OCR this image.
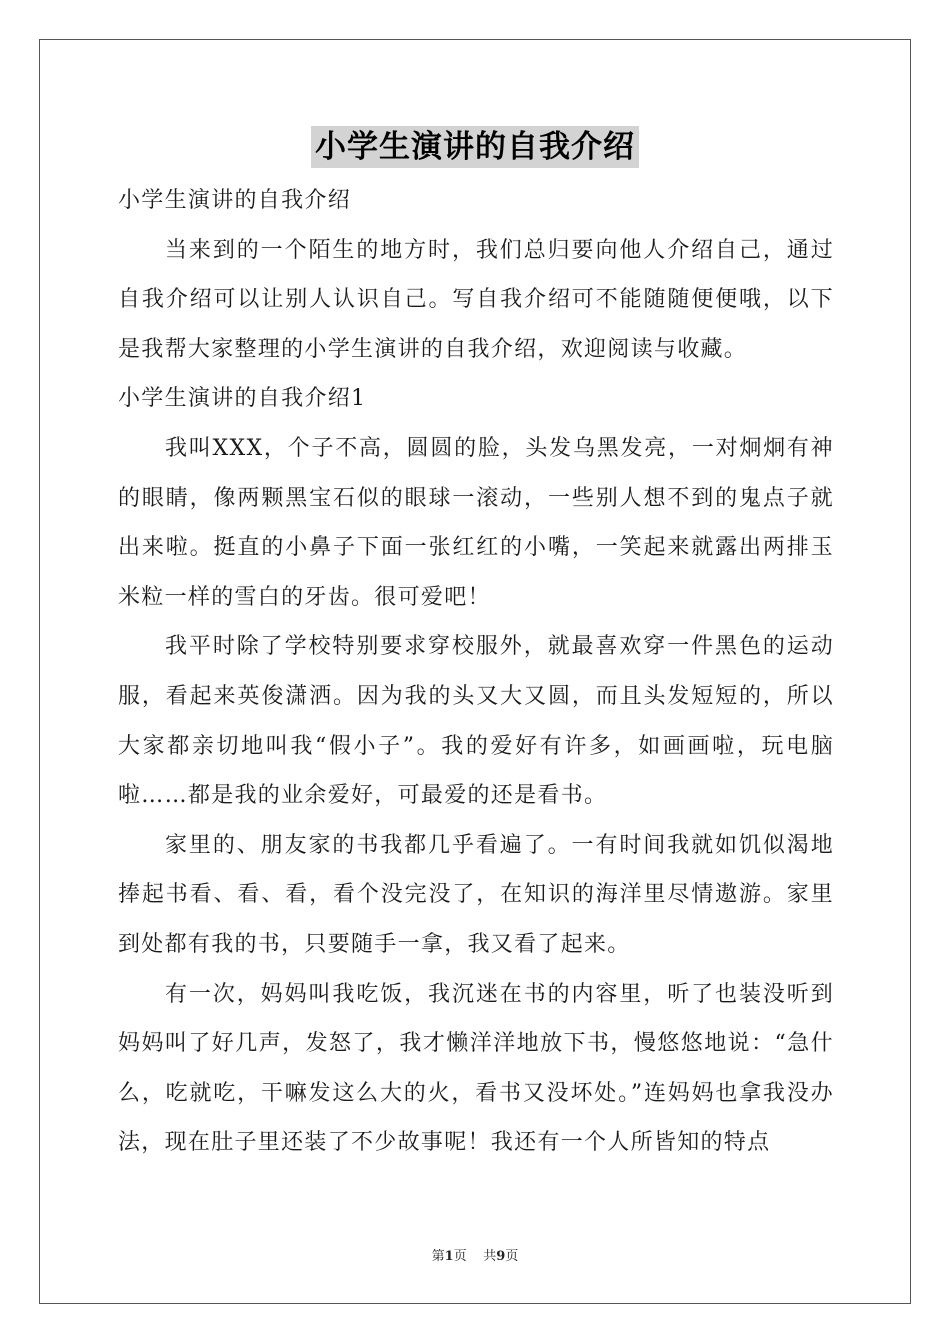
小学生演讲的自我介绍

小学生演讲的自我介绍

当来到的一个陌生的地方时，我们总归要向他人介绍自己，通过自我介绍可以让别人认识自己。写自我介绍可不能随随便便哦，以下是我帮大家整理的小学生演讲的自我介绍，欢迎阅读与收藏。

小学生演讲的自我介绍1

我叫XXX，个子不高，圆圆的脸，头发乌黑发亮，一对炯炯有神的眼睛，像两颗黑宝石似的眼球一滚动，一些别人想不到的鬼点子就出来啦。挺直的小鼻子下面一张红红的小嘴，一笑起来就露出两排玉米粒一样的雪白的牙齿。很可爱吧！

我平时除了学校特别要求穿校服外，就最喜欢穿一件黑色的运动服，看起来英俊潇洒。因为我的头又大又圆，而且头发短短的，所以大家都亲切地叫我“假小子”。我的爱好有许多，如画画啦，玩电脑啦……都是我的业余爱好，可最爱的还是看书。

家里的、朋友家的书我都几乎看遍了。一有时间我就如饥似渴地捧起书看、看、看，看个没完没了，在知识的海洋里尽情遨游。家里到处都有我的书，只要随手一拿，我又看了起来。

有一次，妈妈叫我吃饭，我沉迷在书的内容里，听了也装没听到妈妈叫了好几声，发怒了，我才懒洋洋地放下书，慢悠悠地说：“急什么，吃就吃，干嘛发这么大的火，看书又没坏处。”连妈妈也拿我没办法，现在肚子里还装了不少故事呢！我还有一个人所皆知的特点

第1页 共9页
